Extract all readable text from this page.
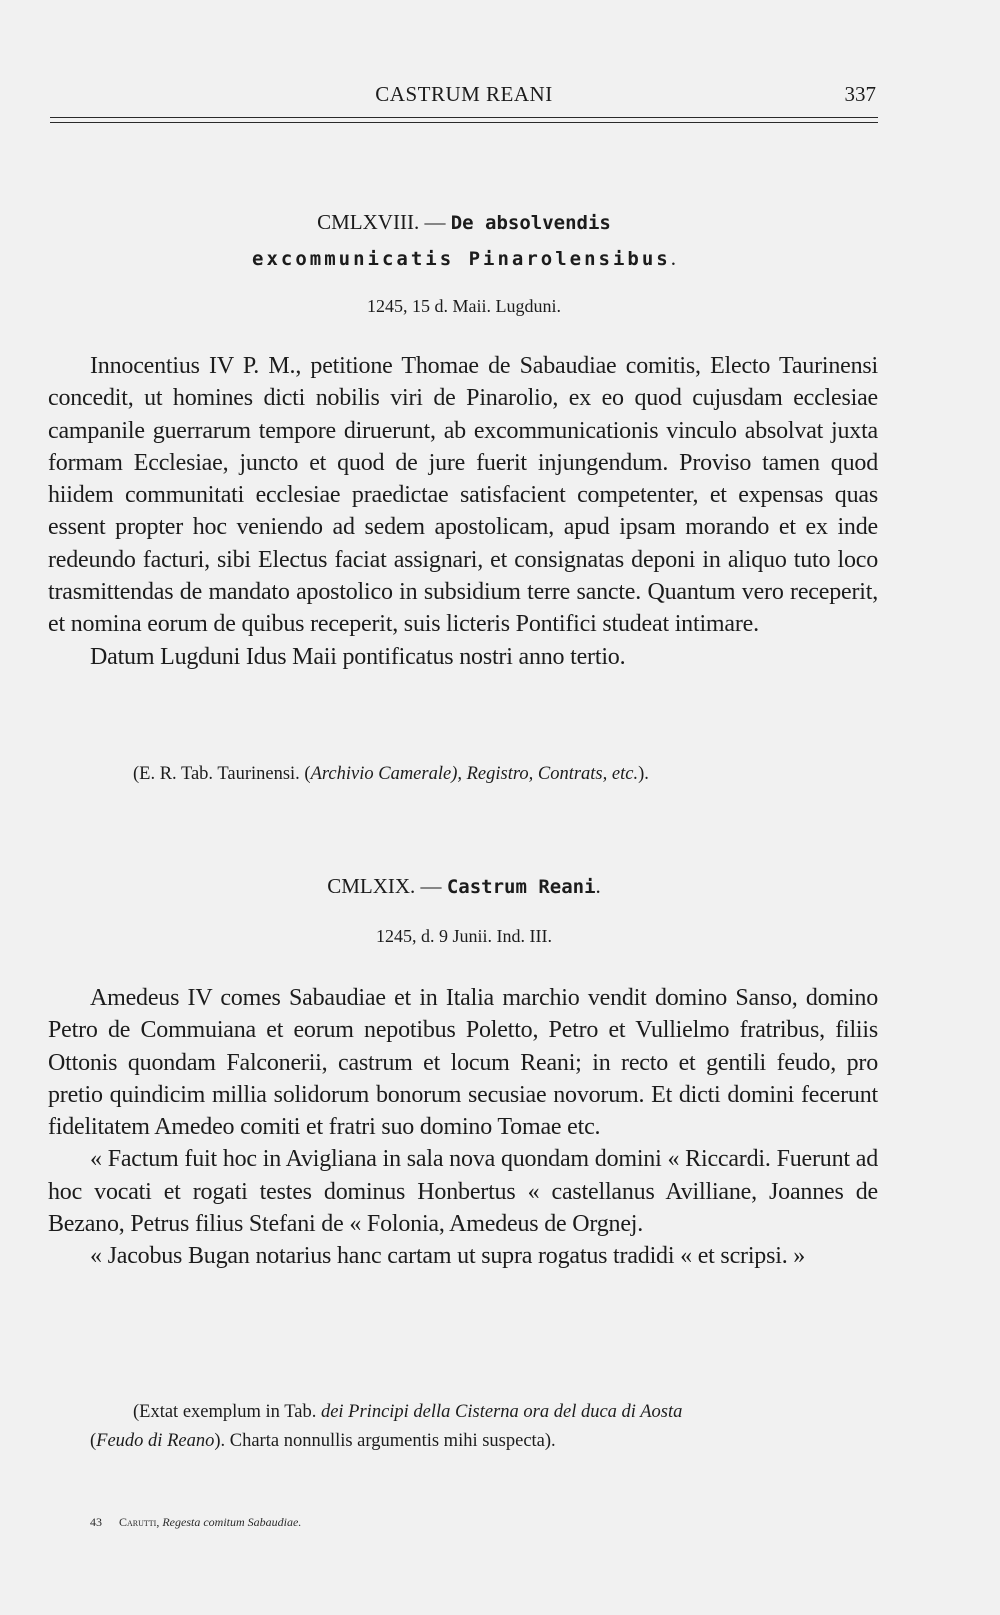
CASTRUM REANI	337
CMLXVIII. — De absolvendis
excommunicatis Pinarolensibus.
1245, 15 d. Maii. Lugduni.

Innocentius IV P. M., petitione Thomae de Sabaudiae comitis, Electo Taurinensi concedit, ut homines dicti nobilis viri de Pinarolio, ex eo quod cujusdam ecclesiae campanile guerrarum tempore diruerunt, ab excommunicationis vinculo absolvat juxta formam Ecclesiae, juncto et quod de jure fuerit injungendum. Proviso tamen quod hiidem communitati ecclesiae praedictae satisfacient competenter, et expensas quas essent propter hoc veniendo ad sedem apostolicam, apud ipsam morando et ex inde redeundo facturi, sibi Electus faciat assignari, et consignatas deponi in aliquo tuto loco trasmittendas de mandato apostolico in subsidium terre sancte. Quantum vero receperit, et nomina eorum de quibus receperit, suis licteris Pontifici studeat intimare.

Datum Lugduni Idus Maii pontificatus nostri anno tertio.

(E. R. Tab. Taurinensi. (Archivio Camerale), Registro, Contrats, etc.).
CMLXIX. — Castrum Reani.
1245, d. 9 Junii. Ind. III.

Amedeus IV comes Sabaudiae et in Italia marchio vendit domino Sanso, domino Petro de Commuiana et eorum nepotibus Poletto, Petro et Vullielmo fratribus, filiis Ottonis quondam Falconerii, castrum et locum Reani; in recto et gentili feudo, pro pretio quindicim millia solidorum bonorum secusiae novorum. Et dicti domini fecerunt fidelitatem Amedeo comiti et fratri suo domino Tomae etc.

« Factum fuit hoc in Avigliana in sala nova quondam domini « Riccardi. Fuerunt ad hoc vocati et rogati testes dominus Honbertus « castellanus Avilliane, Joannes de Bezano, Petrus filius Stefani de « Folonia, Amedeus de Orgnej.

« Jacobus Bugan notarius hanc cartam ut supra rogatus tradidi « et scripsi. »

(Extat exemplum in Tab. dei Principi della Cisterna ora del duca di Aosta
(Feudo di Reano). Charta nonnullis argumentis mihi suspecta).
43 Carutti, Regesta comitum Sabaudiae.
